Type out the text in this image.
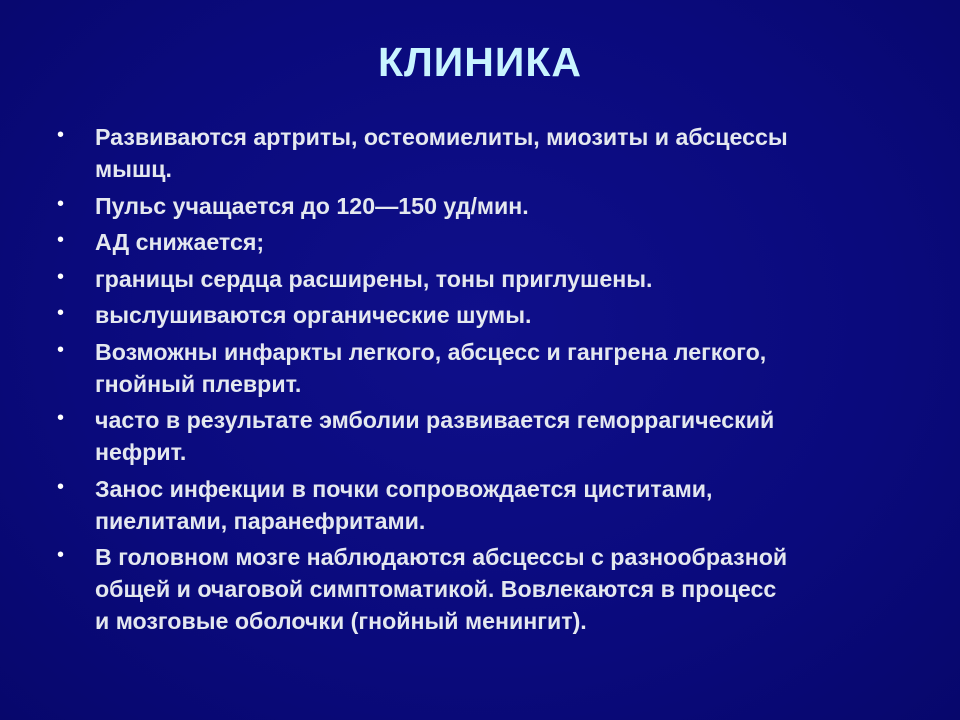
КЛИНИКА
• Развиваются артриты, остеомиелиты, миозиты и абсцессы
мышц.
• Пульс учащается до 120—150 уд/мин.
• АД снижается;
• границы сердца расширены, тоны приглушены.
• выслушиваются органические шумы.
• Возможны инфаркты легкого, абсцесс и гангрена легкого,
гнойный плеврит.
• часто в результате эмболии развивается геморрагический
нефрит.
• Занос инфекции в почки сопровождается циститами,
пиелитами, паранефритами.
• В головном мозге наблюдаются абсцессы с разнообразной
общей и очаговой симптоматикой. Вовлекаются в процесс
и мозговые оболочки (гнойный менингит).
